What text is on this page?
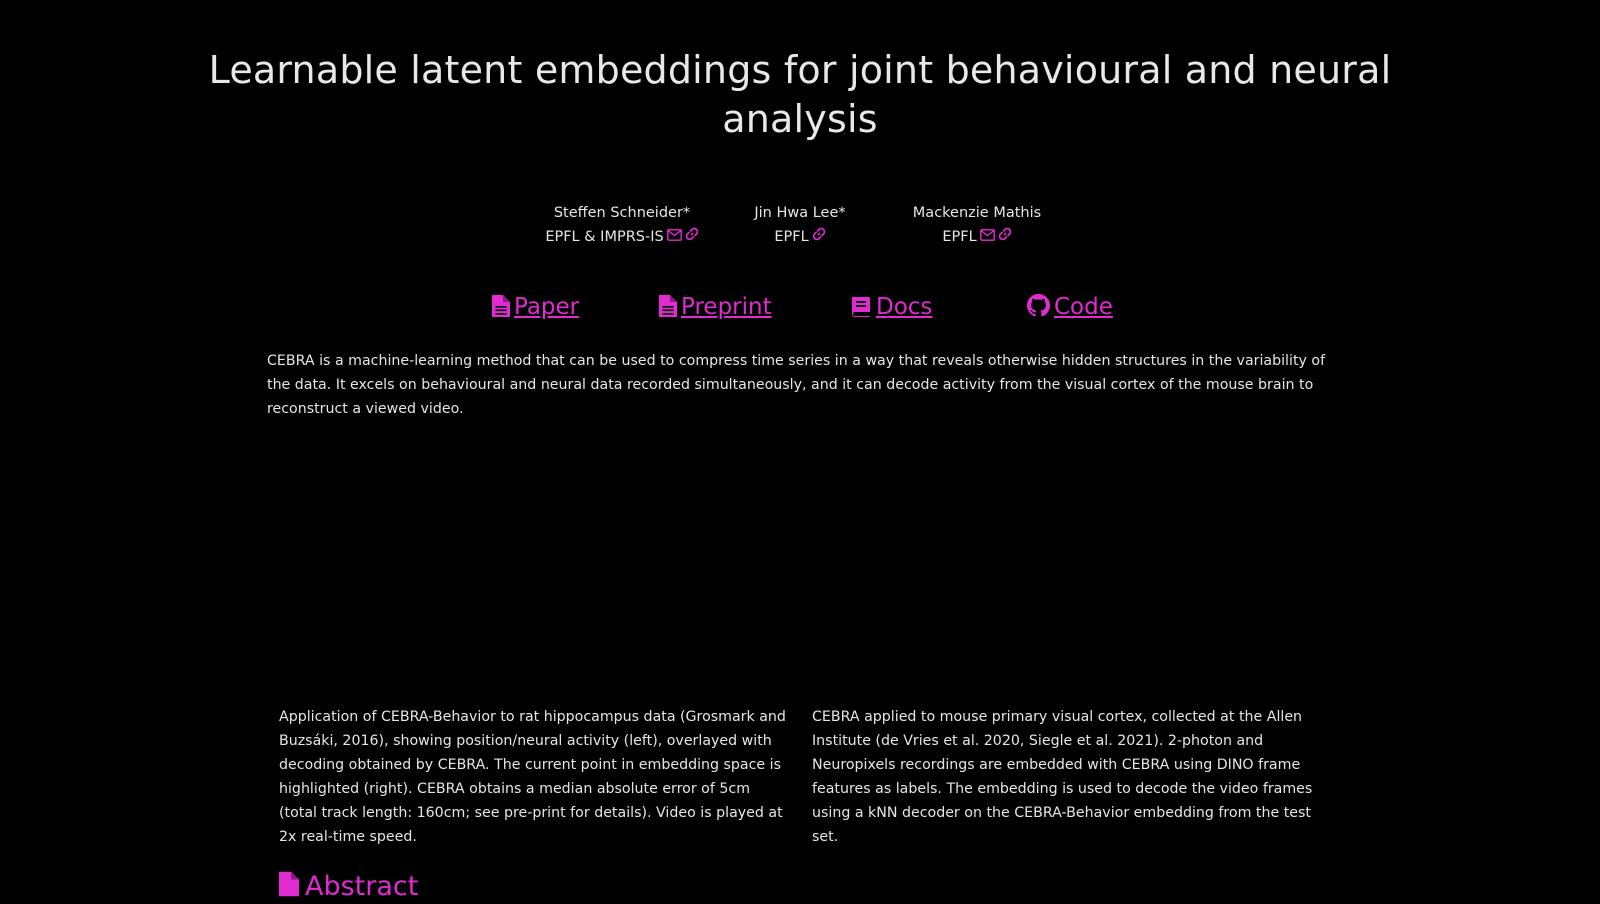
Learnable latent embeddings for joint behavioural and neural
analysis
Steffen Schneider*
EPFL & IMPRS-IS
Jin Hwa Lee*
EPFL
Mackenzie Mathis
EPFL
Paper	Preprint	Docs	Code

CEBRA is a machine-learning method that can be used to compress time series in a way that reveals otherwise hidden structures in the variability of the data. It excels on behavioural and neural data recorded simultaneously, and it can decode activity from the visual cortex of the mouse brain to reconstruct a viewed video.

Application of CEBRA-Behavior to rat hippocampus data (Grosmark and Buzsáki, 2016), showing position/neural activity (left), overlayed with decoding obtained by CEBRA. The current point in embedding space is highlighted (right). CEBRA obtains a median absolute error of 5cm (total track length: 160cm; see pre-print for details). Video is played at 2x real-time speed.

CEBRA applied to mouse primary visual cortex, collected at the Allen Institute (de Vries et al. 2020, Siegle et al. 2021). 2-photon and Neuropixels recordings are embedded with CEBRA using DINO frame features as labels. The embedding is used to decode the video frames using a kNN decoder on the CEBRA-Behavior embedding from the test set.

Abstract
